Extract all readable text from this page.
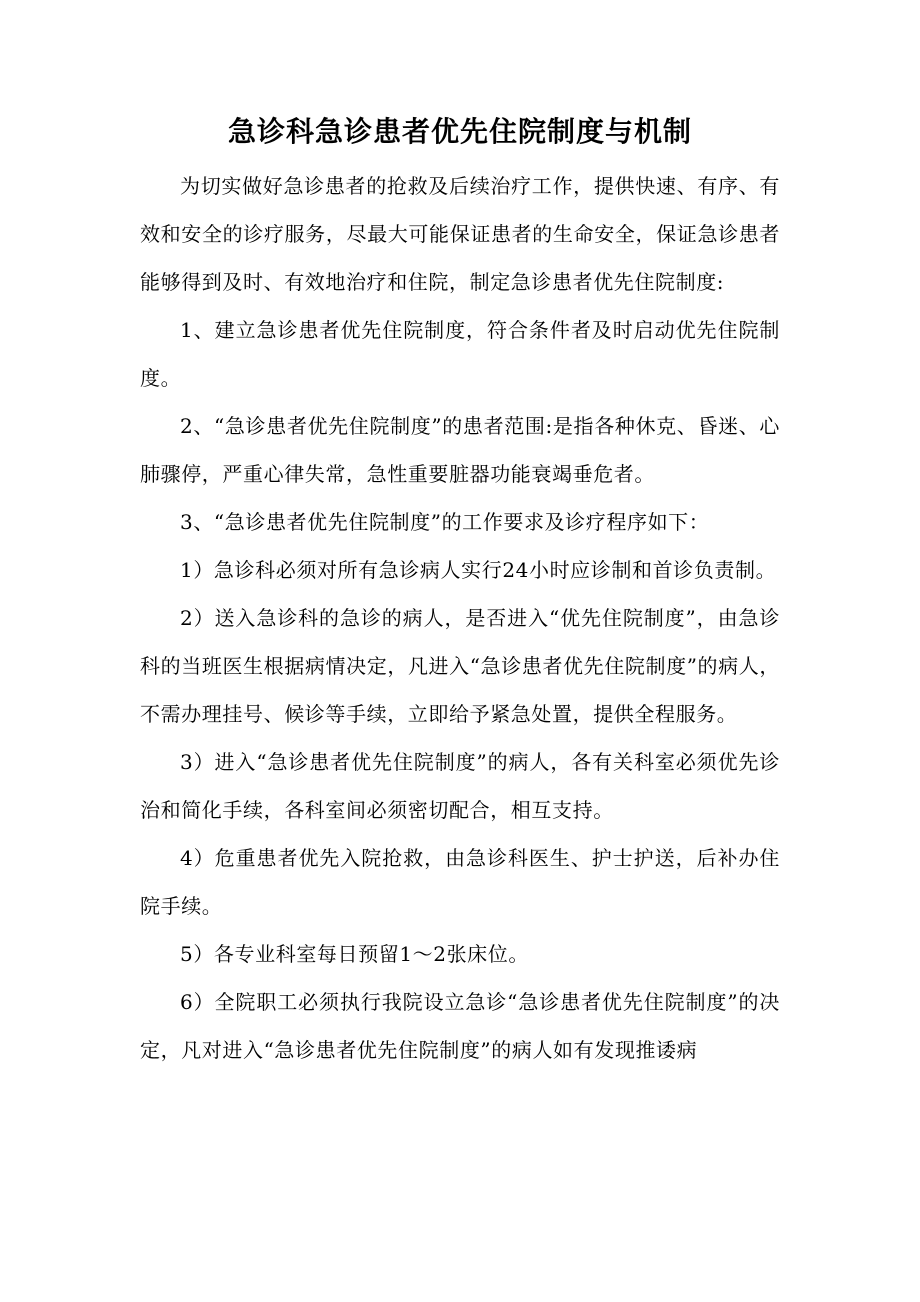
急诊科急诊患者优先住院制度与机制

为切实做好急诊患者的抢救及后续治疗工作，提供快速、有序、有效和安全的诊疗服务，尽最大可能保证患者的生命安全，保证急诊患者能够得到及时、有效地治疗和住院，制定急诊患者优先住院制度:

1、建立急诊患者优先住院制度，符合条件者及时启动优先住院制度。

2、“急诊患者优先住院制度”的患者范围:是指各种休克、昏迷、心肺骤停，严重心律失常，急性重要脏器功能衰竭垂危者。

3、“急诊患者优先住院制度”的工作要求及诊疗程序如下：

1）急诊科必须对所有急诊病人实行24小时应诊制和首诊负责制。

2）送入急诊科的急诊的病人，是否进入“优先住院制度”，由急诊科的当班医生根据病情决定，凡进入“急诊患者优先住院制度”的病人，不需办理挂号、候诊等手续，立即给予紧急处置，提供全程服务。

3）进入“急诊患者优先住院制度”的病人，各有关科室必须优先诊治和简化手续，各科室间必须密切配合，相互支持。

4）危重患者优先入院抢救，由急诊科医生、护士护送，后补办住院手续。

5）各专业科室每日预留1～2张床位。

6）全院职工必须执行我院设立急诊“急诊患者优先住院制度”的决定，凡对进入“急诊患者优先住院制度”的病人如有发现推诿病
